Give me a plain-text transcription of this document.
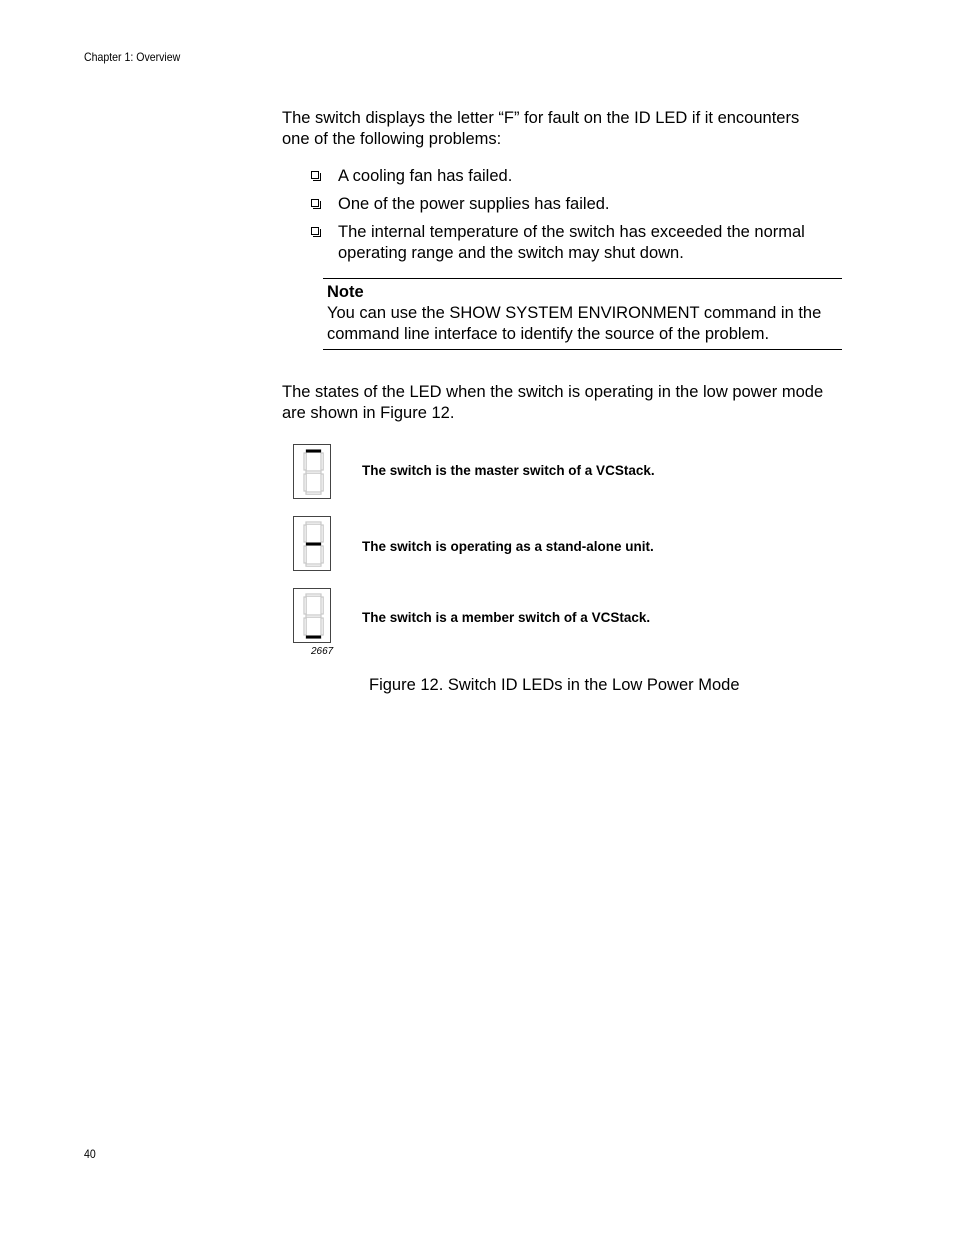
Chapter 1: Overview
The switch displays the letter “F” for fault on the ID LED if it encounters
one of the following problems:
A cooling fan has failed.
One of the power supplies has failed.
The internal temperature of the switch has exceeded the normal
operating range and the switch may shut down.
Note
You can use the SHOW SYSTEM ENVIRONMENT command in the
command line interface to identify the source of the problem.
The states of the LED when the switch is operating in the low power mode
are shown in Figure 12.
The switch is the master switch of a VCStack.
The switch is operating as a stand-alone unit.
The switch is a member switch of a VCStack.
2667
Figure 12. Switch ID LEDs in the Low Power Mode
40
